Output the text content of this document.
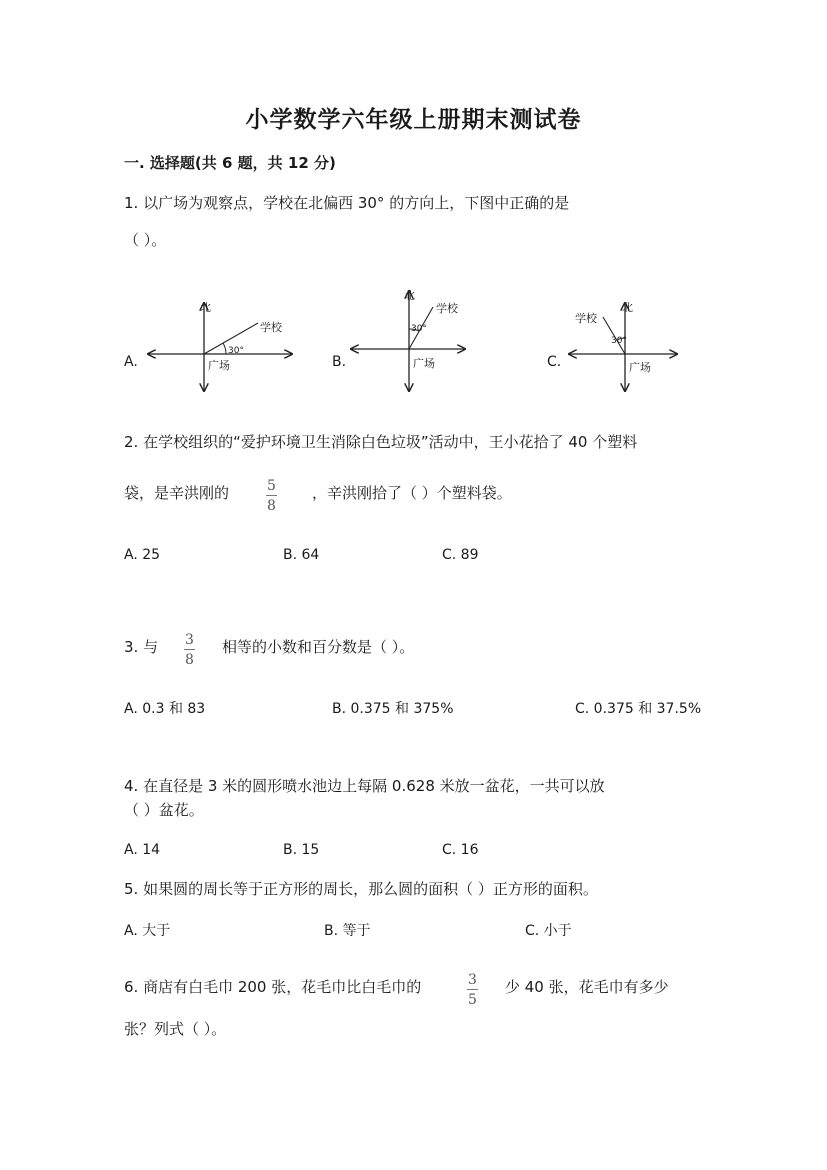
小学数学六年级上册期末测试卷
一. 选择题(共 6 题，共 12 分)
1. 以广场为观察点，学校在北偏西 30° 的方向上，下图中正确的是
（ ）。
A.
北
学校
30°
广场	B.
北
学校
30°
广场	C.
北
学校
30°
广场
2. 在学校组织的“爱护环境卫生消除白色垃圾”活动中，王小花拾了 40 个塑料
袋，是辛洪刚的	5
8
，辛洪刚拾了（ ）个塑料袋。
A. 25	B. 64	C. 89
3. 与 3
8
相等的小数和百分数是（ ）。
A. 0.3 和 83	B. 0.375 和 375%	C. 0.375 和 37.5%
4. 在直径是 3 米的圆形喷水池边上每隔 0.628 米放一盆花，一共可以放
（ ）盆花。
A. 14	B. 15	C. 16
5. 如果圆的周长等于正方形的周长，那么圆的面积（ ）正方形的面积。
A. 大于	B. 等于	C. 小于
6. 商店有白毛巾 200 张，花毛巾比白毛巾的	3
5
少 40 张，花毛巾有多少
张？列式（ ）。
